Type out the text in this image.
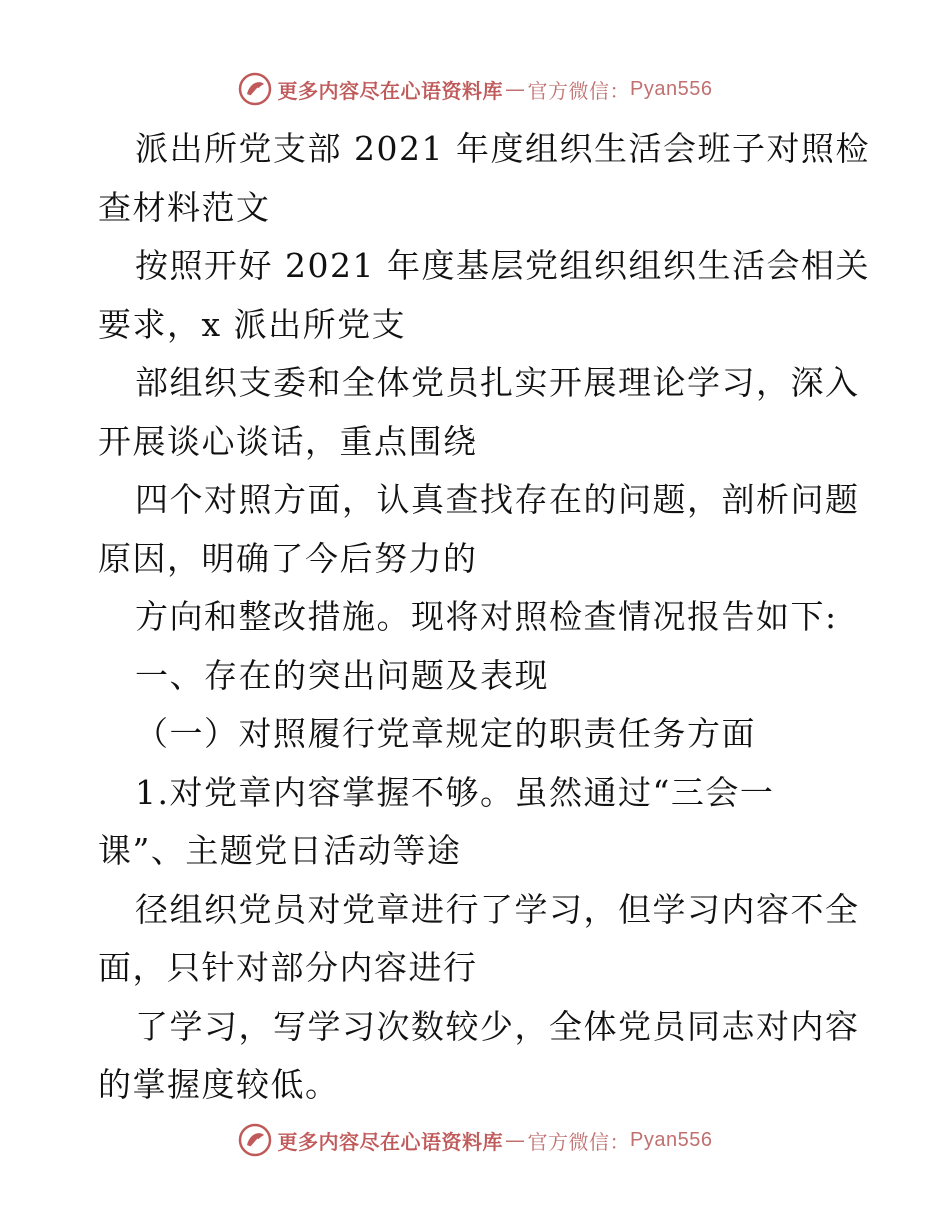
更多内容尽在心语资料库 — 官方微信： Pyan556
派出所党支部 2021 年度组织生活会班子对照检
查材料范文
按照开好 2021 年度基层党组织组织生活会相关
要求，x 派出所党支
部组织支委和全体党员扎实开展理论学习，深入
开展谈心谈话，重点围绕
四个对照方面，认真查找存在的问题，剖析问题
原因，明确了今后努力的
方向和整改措施。现将对照检查情况报告如下:
一、存在的突出问题及表现
（一）对照履行党章规定的职责任务方面
1.对党章内容掌握不够。虽然通过“三会一
课”、主题党日活动等途
径组织党员对党章进行了学习，但学习内容不全
面，只针对部分内容进行
了学习，写学习次数较少，全体党员同志对内容
的掌握度较低。
更多内容尽在心语资料库 — 官方微信： Pyan556
